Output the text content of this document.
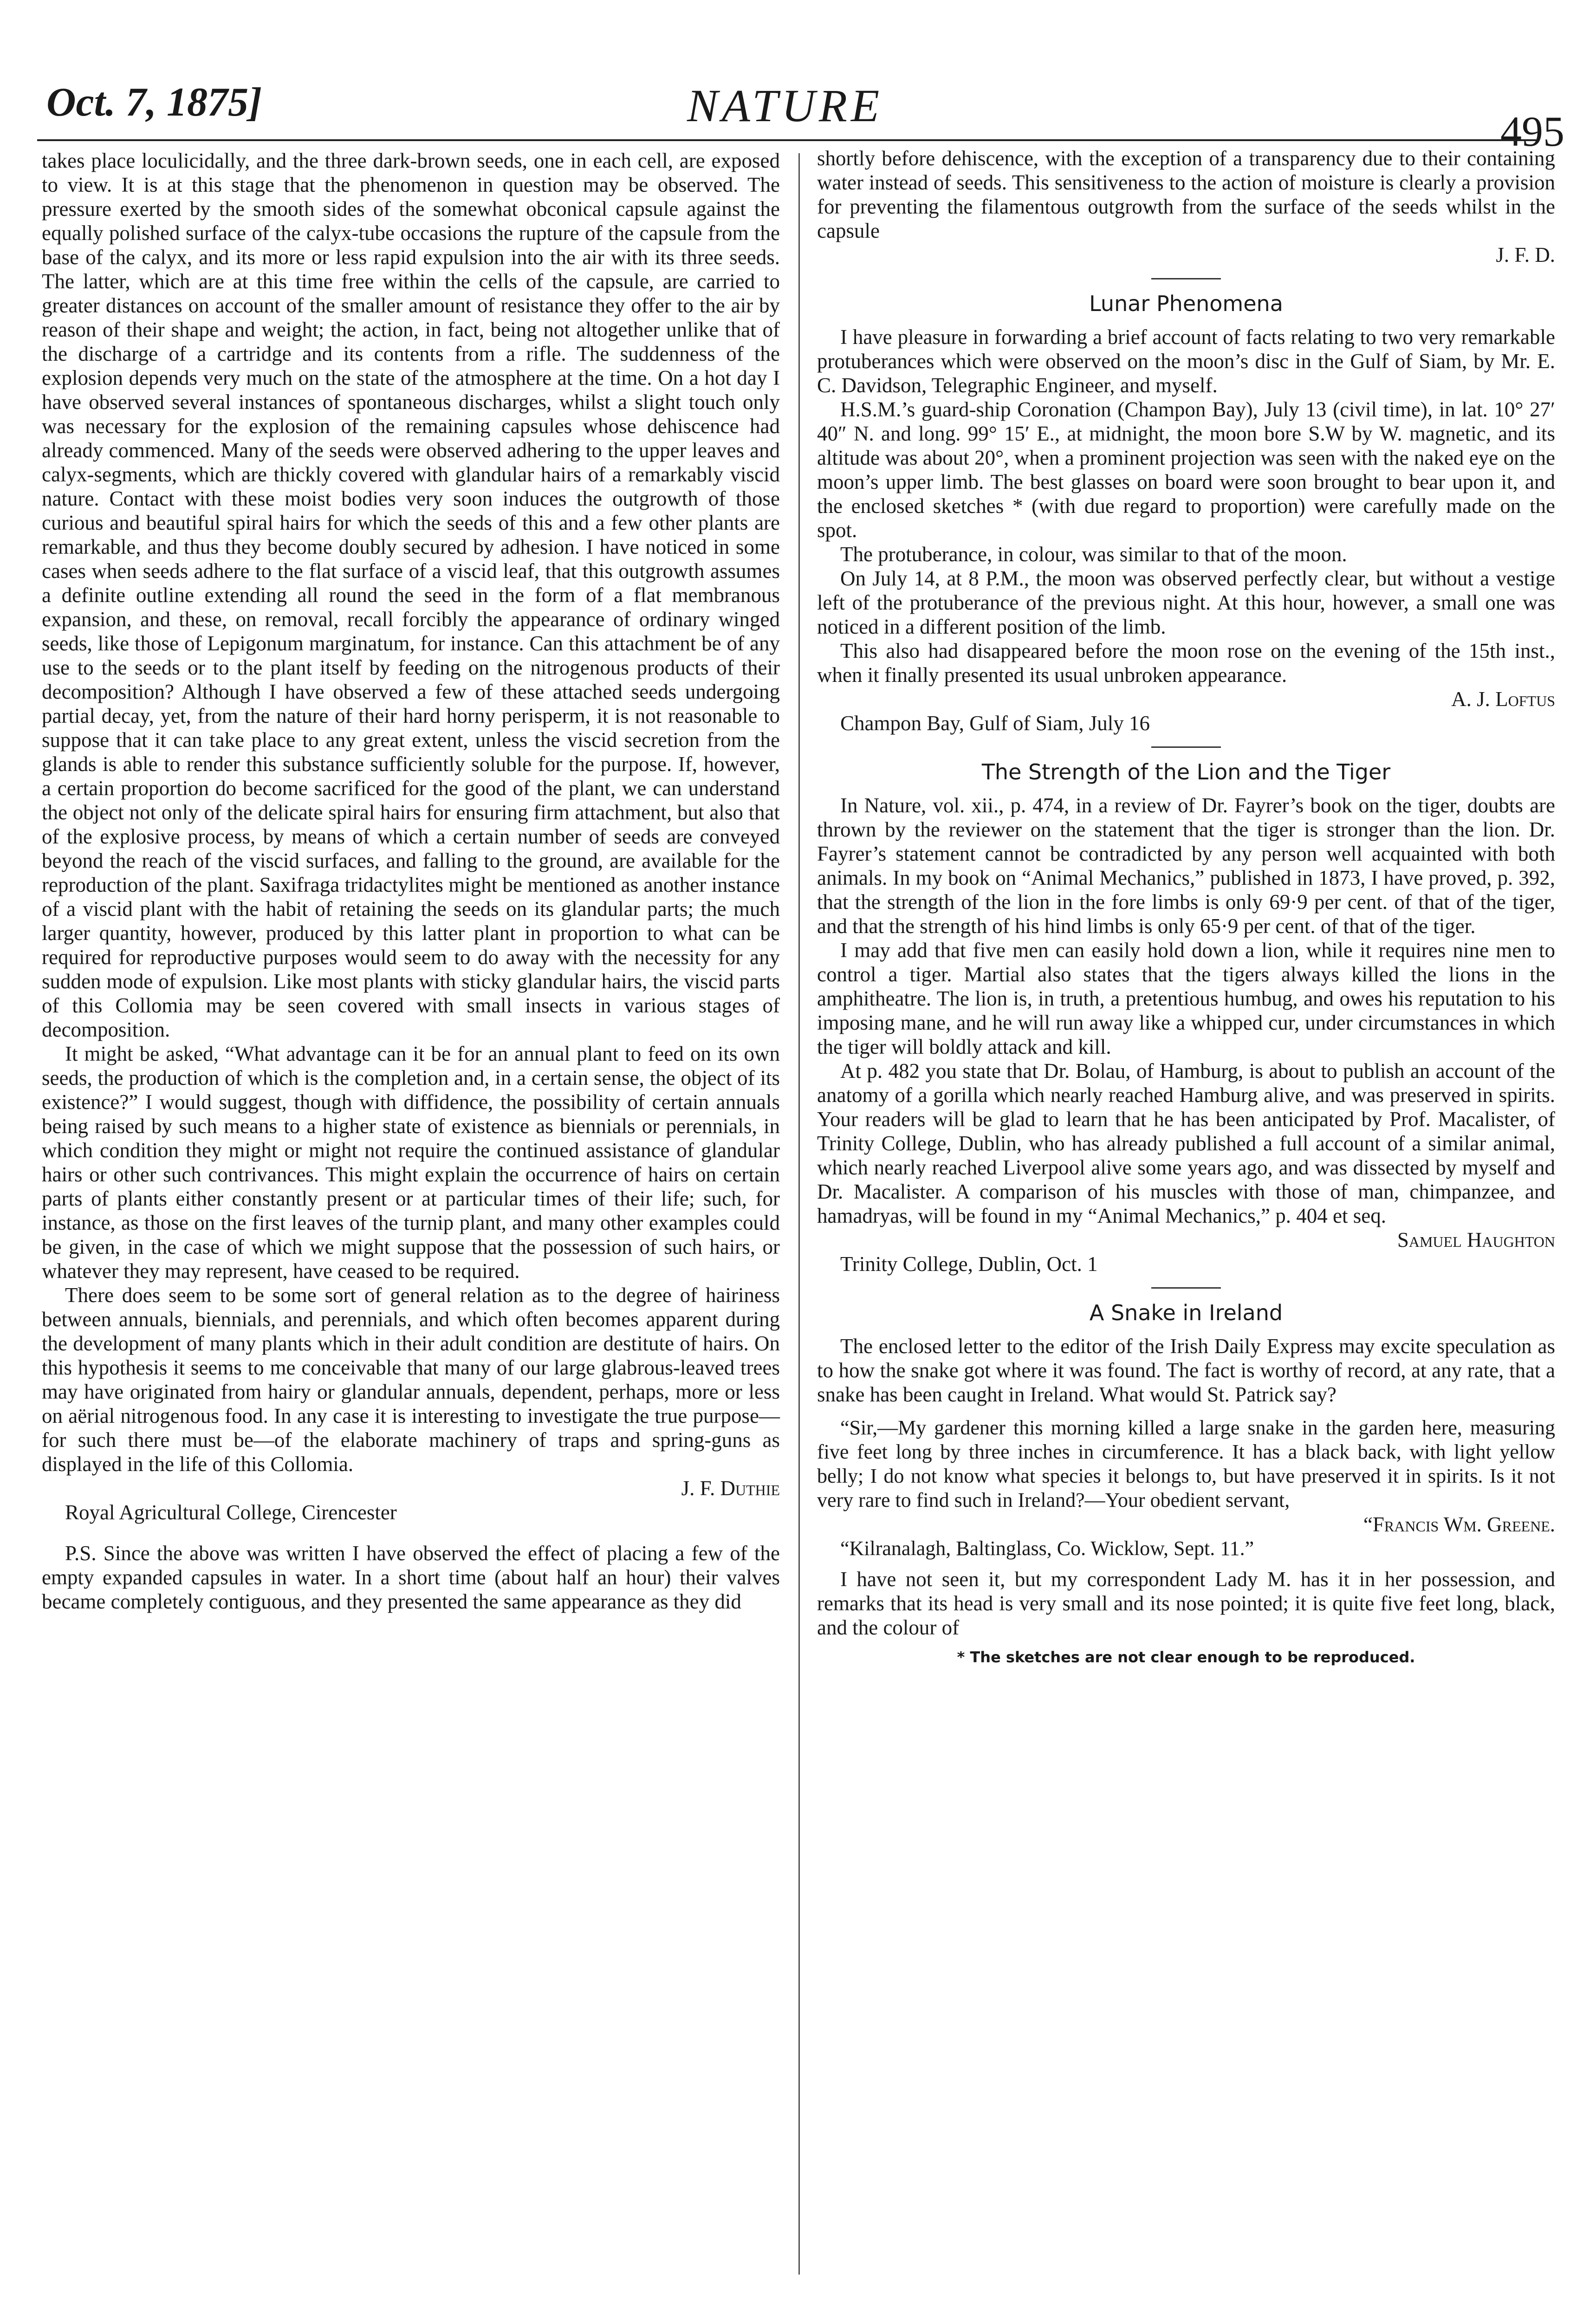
Oct. 7, 1875]	NATURE	495

takes place loculicidally, and the three dark-brown seeds, one in each cell, are exposed to view. It is at this stage that the phenomenon in question may be observed. The pressure exerted by the smooth sides of the somewhat obconical capsule against the equally polished surface of the calyx-tube occasions the rupture of the capsule from the base of the calyx, and its more or less rapid expulsion into the air with its three seeds. The latter, which are at this time free within the cells of the capsule, are carried to greater distances on account of the smaller amount of resistance they offer to the air by reason of their shape and weight; the action, in fact, being not altogether unlike that of the discharge of a cartridge and its contents from a rifle. The suddenness of the explosion depends very much on the state of the atmosphere at the time. On a hot day I have observed several instances of spontaneous discharges, whilst a slight touch only was necessary for the explosion of the remaining capsules whose dehiscence had already commenced. Many of the seeds were observed adhering to the upper leaves and calyx-segments, which are thickly covered with glandular hairs of a remarkably viscid nature. Contact with these moist bodies very soon induces the outgrowth of those curious and beautiful spiral hairs for which the seeds of this and a few other plants are remarkable, and thus they become doubly secured by adhesion. I have noticed in some cases when seeds adhere to the flat surface of a viscid leaf, that this outgrowth assumes a definite outline extending all round the seed in the form of a flat membranous expansion, and these, on removal, recall forcibly the appearance of ordinary winged seeds, like those of Lepigonum marginatum, for instance. Can this attachment be of any use to the seeds or to the plant itself by feeding on the nitrogenous products of their decomposition? Although I have observed a few of these attached seeds undergoing partial decay, yet, from the nature of their hard horny perisperm, it is not reasonable to suppose that it can take place to any great extent, unless the viscid secretion from the glands is able to render this substance sufficiently soluble for the purpose. If, however, a certain proportion do become sacrificed for the good of the plant, we can understand the object not only of the delicate spiral hairs for ensuring firm attachment, but also that of the explosive process, by means of which a certain number of seeds are conveyed beyond the reach of the viscid surfaces, and falling to the ground, are available for the reproduction of the plant. Saxifraga tridactylites might be mentioned as another instance of a viscid plant with the habit of retaining the seeds on its glandular parts; the much larger quantity, however, produced by this latter plant in proportion to what can be required for reproductive purposes would seem to do away with the necessity for any sudden mode of expulsion. Like most plants with sticky glandular hairs, the viscid parts of this Collomia may be seen covered with small insects in various stages of decomposition.

It might be asked, “What advantage can it be for an annual plant to feed on its own seeds, the production of which is the completion and, in a certain sense, the object of its existence?” I would suggest, though with diffidence, the possibility of certain annuals being raised by such means to a higher state of existence as biennials or perennials, in which condition they might or might not require the continued assistance of glandular hairs or other such contrivances. This might explain the occurrence of hairs on certain parts of plants either constantly present or at particular times of their life; such, for instance, as those on the first leaves of the turnip plant, and many other examples could be given, in the case of which we might suppose that the possession of such hairs, or whatever they may represent, have ceased to be required.

There does seem to be some sort of general relation as to the degree of hairiness between annuals, biennials, and perennials, and which often becomes apparent during the development of many plants which in their adult condition are destitute of hairs. On this hypothesis it seems to me conceivable that many of our large glabrous-leaved trees may have originated from hairy or glandular annuals, dependent, perhaps, more or less on aërial nitrogenous food. In any case it is interesting to investigate the true purpose—for such there must be—of the elaborate machinery of traps and spring-guns as displayed in the life of this Collomia.

J. F. Duthie

Royal Agricultural College, Cirencester

P.S. Since the above was written I have observed the effect of placing a few of the empty expanded capsules in water. In a short time (about half an hour) their valves became completely contiguous, and they presented the same appearance as they did

shortly before dehiscence, with the exception of a transparency due to their containing water instead of seeds. This sensitiveness to the action of moisture is clearly a provision for preventing the filamentous outgrowth from the surface of the seeds whilst in the capsule

J. F. D.

Lunar Phenomena

I have pleasure in forwarding a brief account of facts relating to two very remarkable protuberances which were observed on the moon’s disc in the Gulf of Siam, by Mr. E. C. Davidson, Telegraphic Engineer, and myself.

H.S.M.’s guard-ship Coronation (Champon Bay), July 13 (civil time), in lat. 10° 27′ 40″ N. and long. 99° 15′ E., at midnight, the moon bore S.W by W. magnetic, and its altitude was about 20°, when a prominent projection was seen with the naked eye on the moon’s upper limb. The best glasses on board were soon brought to bear upon it, and the enclosed sketches * (with due regard to proportion) were carefully made on the spot.

The protuberance, in colour, was similar to that of the moon.

On July 14, at 8 P.M., the moon was observed perfectly clear, but without a vestige left of the protuberance of the previous night. At this hour, however, a small one was noticed in a different position of the limb.

This also had disappeared before the moon rose on the evening of the 15th inst., when it finally presented its usual unbroken appearance.

A. J. Loftus

Champon Bay, Gulf of Siam, July 16

The Strength of the Lion and the Tiger

In Nature, vol. xii., p. 474, in a review of Dr. Fayrer’s book on the tiger, doubts are thrown by the reviewer on the statement that the tiger is stronger than the lion. Dr. Fayrer’s statement cannot be contradicted by any person well acquainted with both animals. In my book on “Animal Mechanics,” published in 1873, I have proved, p. 392, that the strength of the lion in the fore limbs is only 69·9 per cent. of that of the tiger, and that the strength of his hind limbs is only 65·9 per cent. of that of the tiger.

I may add that five men can easily hold down a lion, while it requires nine men to control a tiger. Martial also states that the tigers always killed the lions in the amphitheatre. The lion is, in truth, a pretentious humbug, and owes his reputation to his imposing mane, and he will run away like a whipped cur, under circumstances in which the tiger will boldly attack and kill.

At p. 482 you state that Dr. Bolau, of Hamburg, is about to publish an account of the anatomy of a gorilla which nearly reached Hamburg alive, and was preserved in spirits. Your readers will be glad to learn that he has been anticipated by Prof. Macalister, of Trinity College, Dublin, who has already published a full account of a similar animal, which nearly reached Liverpool alive some years ago, and was dissected by myself and Dr. Macalister. A comparison of his muscles with those of man, chimpanzee, and hamadryas, will be found in my “Animal Mechanics,” p. 404 et seq.

Samuel Haughton

Trinity College, Dublin, Oct. 1

A Snake in Ireland

The enclosed letter to the editor of the Irish Daily Express may excite speculation as to how the snake got where it was found. The fact is worthy of record, at any rate, that a snake has been caught in Ireland. What would St. Patrick say?

“Sir,—My gardener this morning killed a large snake in the garden here, measuring five feet long by three inches in circumference. It has a black back, with light yellow belly; I do not know what species it belongs to, but have preserved it in spirits. Is it not very rare to find such in Ireland?—Your obedient servant,

“Francis Wm. Greene.

“Kilranalagh, Baltinglass, Co. Wicklow, Sept. 11.”

I have not seen it, but my correspondent Lady M. has it in her possession, and remarks that its head is very small and its nose pointed; it is quite five feet long, black, and the colour of

* The sketches are not clear enough to be reproduced.
